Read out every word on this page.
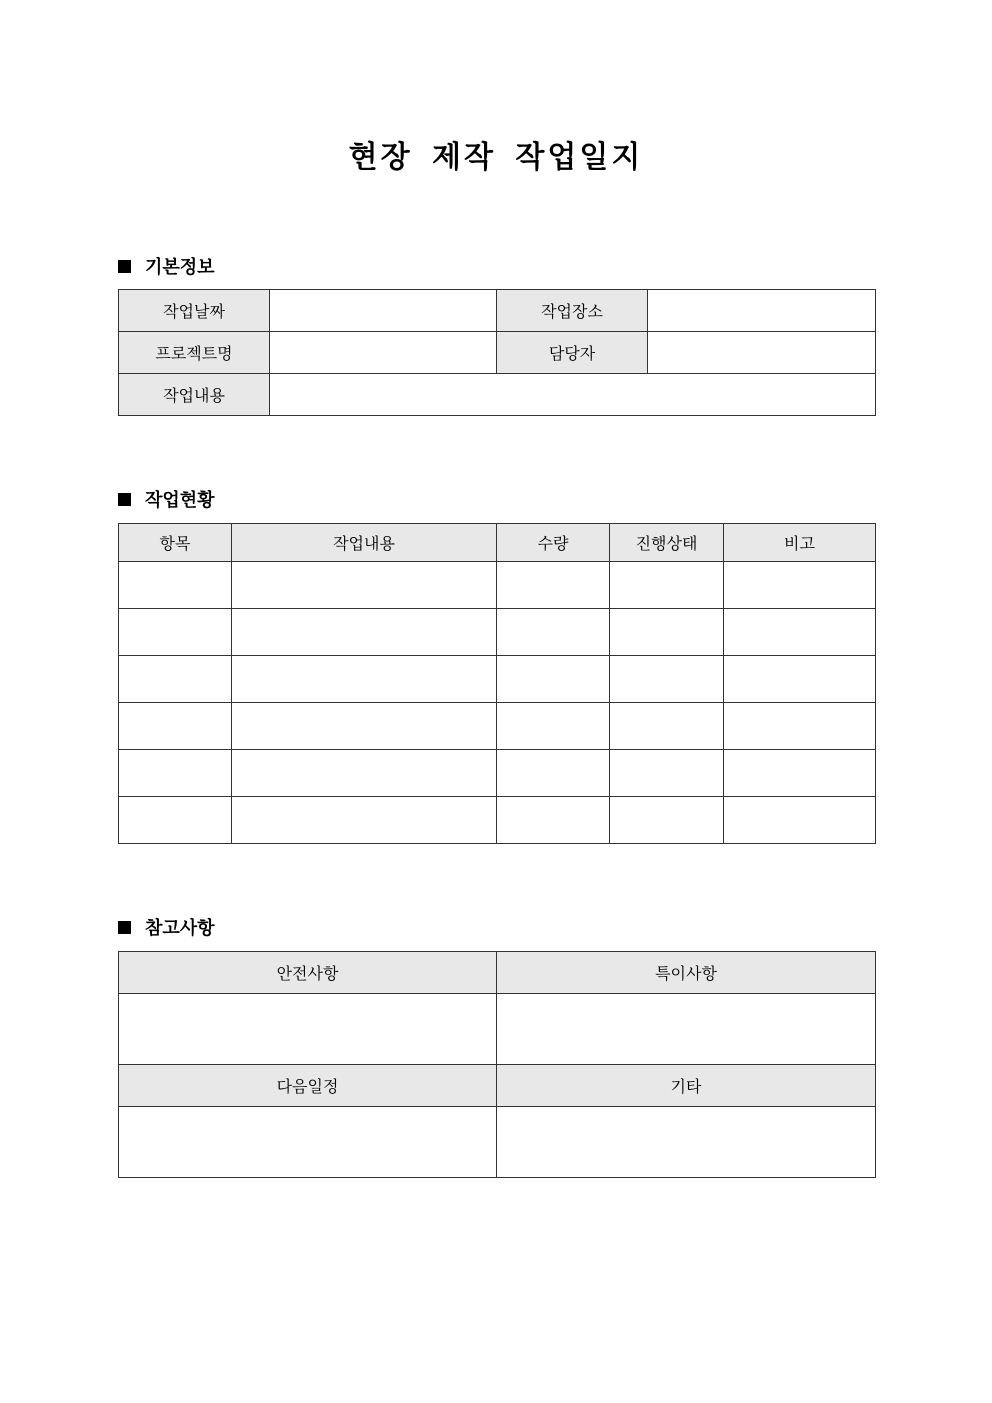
현장 제작 작업일지
기본정보
작업날짜		작업장소	
프로젝트명		담당자	
작업내용			
작업현황
항목	작업내용	수량	진행상태	비고

참고사항
안전사항	특이사항

다음일정	기타
